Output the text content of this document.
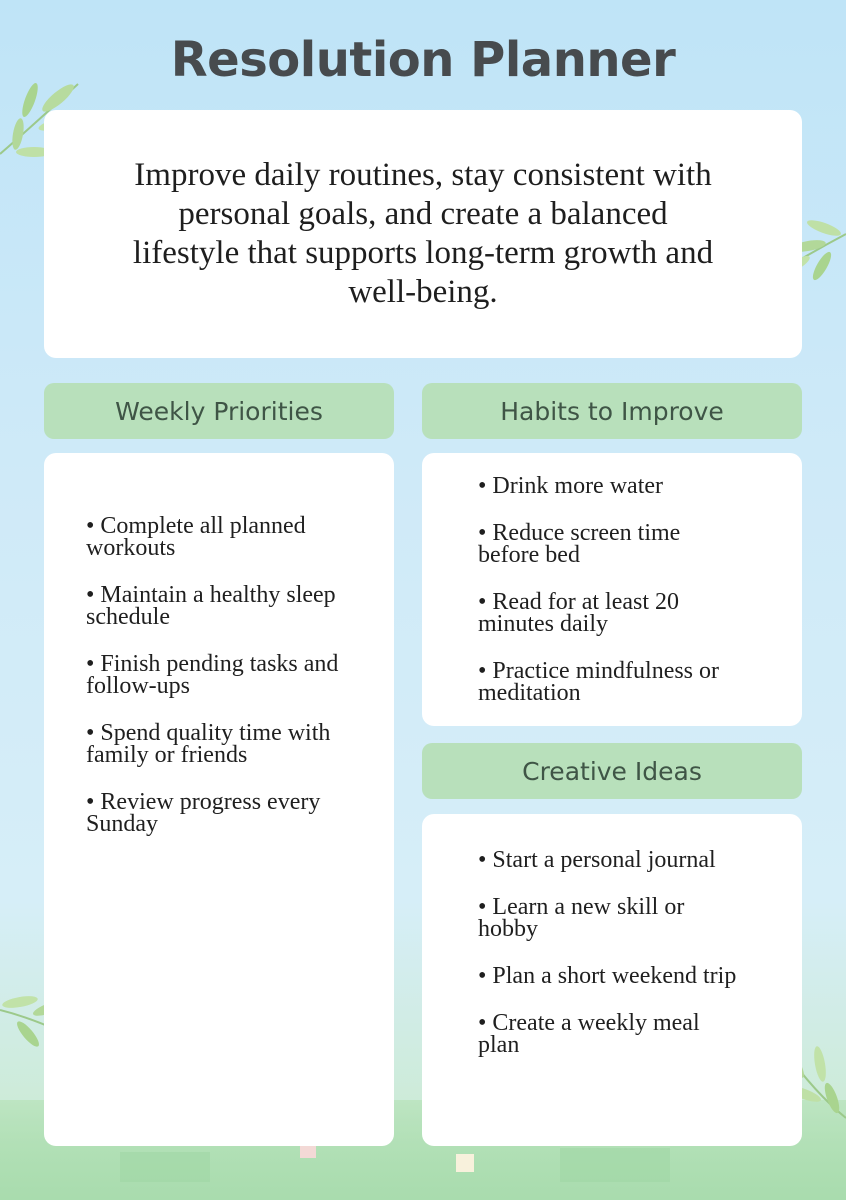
Resolution Planner

Improve daily routines, stay consistent with personal goals, and create a balanced lifestyle that supports long-term growth and well-being.

Weekly Priorities
• Complete all planned workouts
• Maintain a healthy sleep schedule
• Finish pending tasks and follow-ups
• Spend quality time with family or friends
• Review progress every Sunday
Habits to Improve
• Drink more water
• Reduce screen time before bed
• Read for at least 20 minutes daily
• Practice mindfulness or meditation
Creative Ideas
• Start a personal journal
• Learn a new skill or hobby
• Plan a short weekend trip
• Create a weekly meal plan
